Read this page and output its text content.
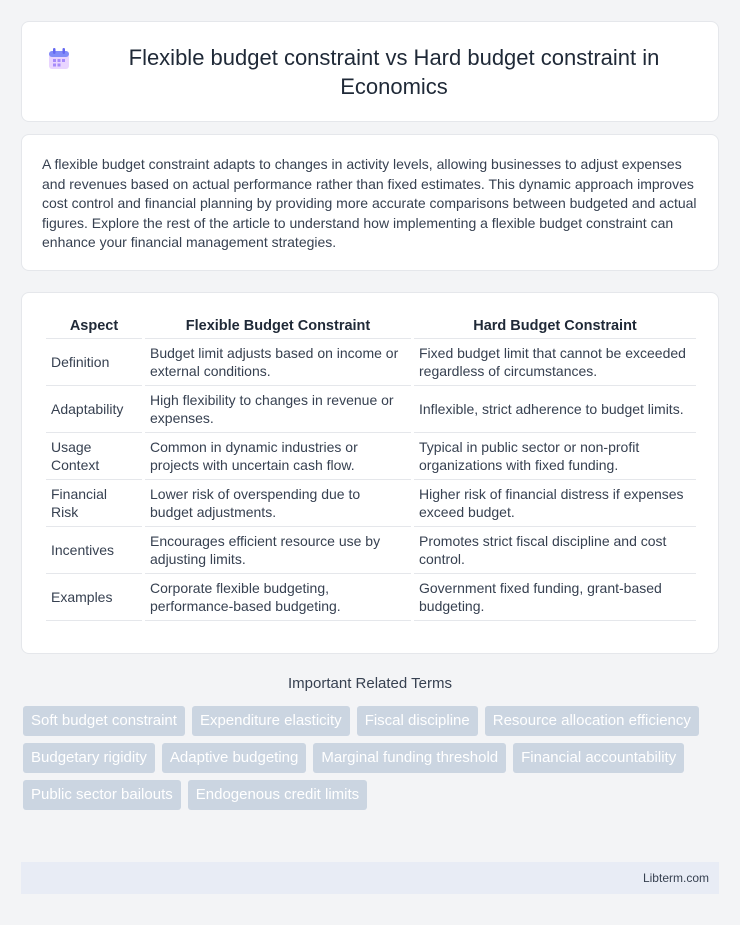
Flexible budget constraint vs Hard budget constraint in Economics

A flexible budget constraint adapts to changes in activity levels, allowing businesses to adjust expenses and revenues based on actual performance rather than fixed estimates. This dynamic approach improves cost control and financial planning by providing more accurate comparisons between budgeted and actual figures. Explore the rest of the article to understand how implementing a flexible budget constraint can enhance your financial management strategies.

Aspect	Flexible Budget Constraint	Hard Budget Constraint
Definition	Budget limit adjusts based on income or external conditions.	Fixed budget limit that cannot be exceeded regardless of circumstances.
Adaptability	High flexibility to changes in revenue or expenses.	Inflexible, strict adherence to budget limits.
Usage Context	Common in dynamic industries or projects with uncertain cash flow.	Typical in public sector or non-profit organizations with fixed funding.
Financial Risk	Lower risk of overspending due to budget adjustments.	Higher risk of financial distress if expenses exceed budget.
Incentives	Encourages efficient resource use by adjusting limits.	Promotes strict fiscal discipline and cost control.
Examples	Corporate flexible budgeting, performance-based budgeting.	Government fixed funding, grant-based budgeting.
Important Related Terms
Soft budget constraint	Expenditure elasticity	Fiscal discipline	Resource allocation efficiency
Budgetary rigidity	Adaptive budgeting	Marginal funding threshold	Financial accountability
Public sector bailouts	Endogenous credit limits
Libterm.com
